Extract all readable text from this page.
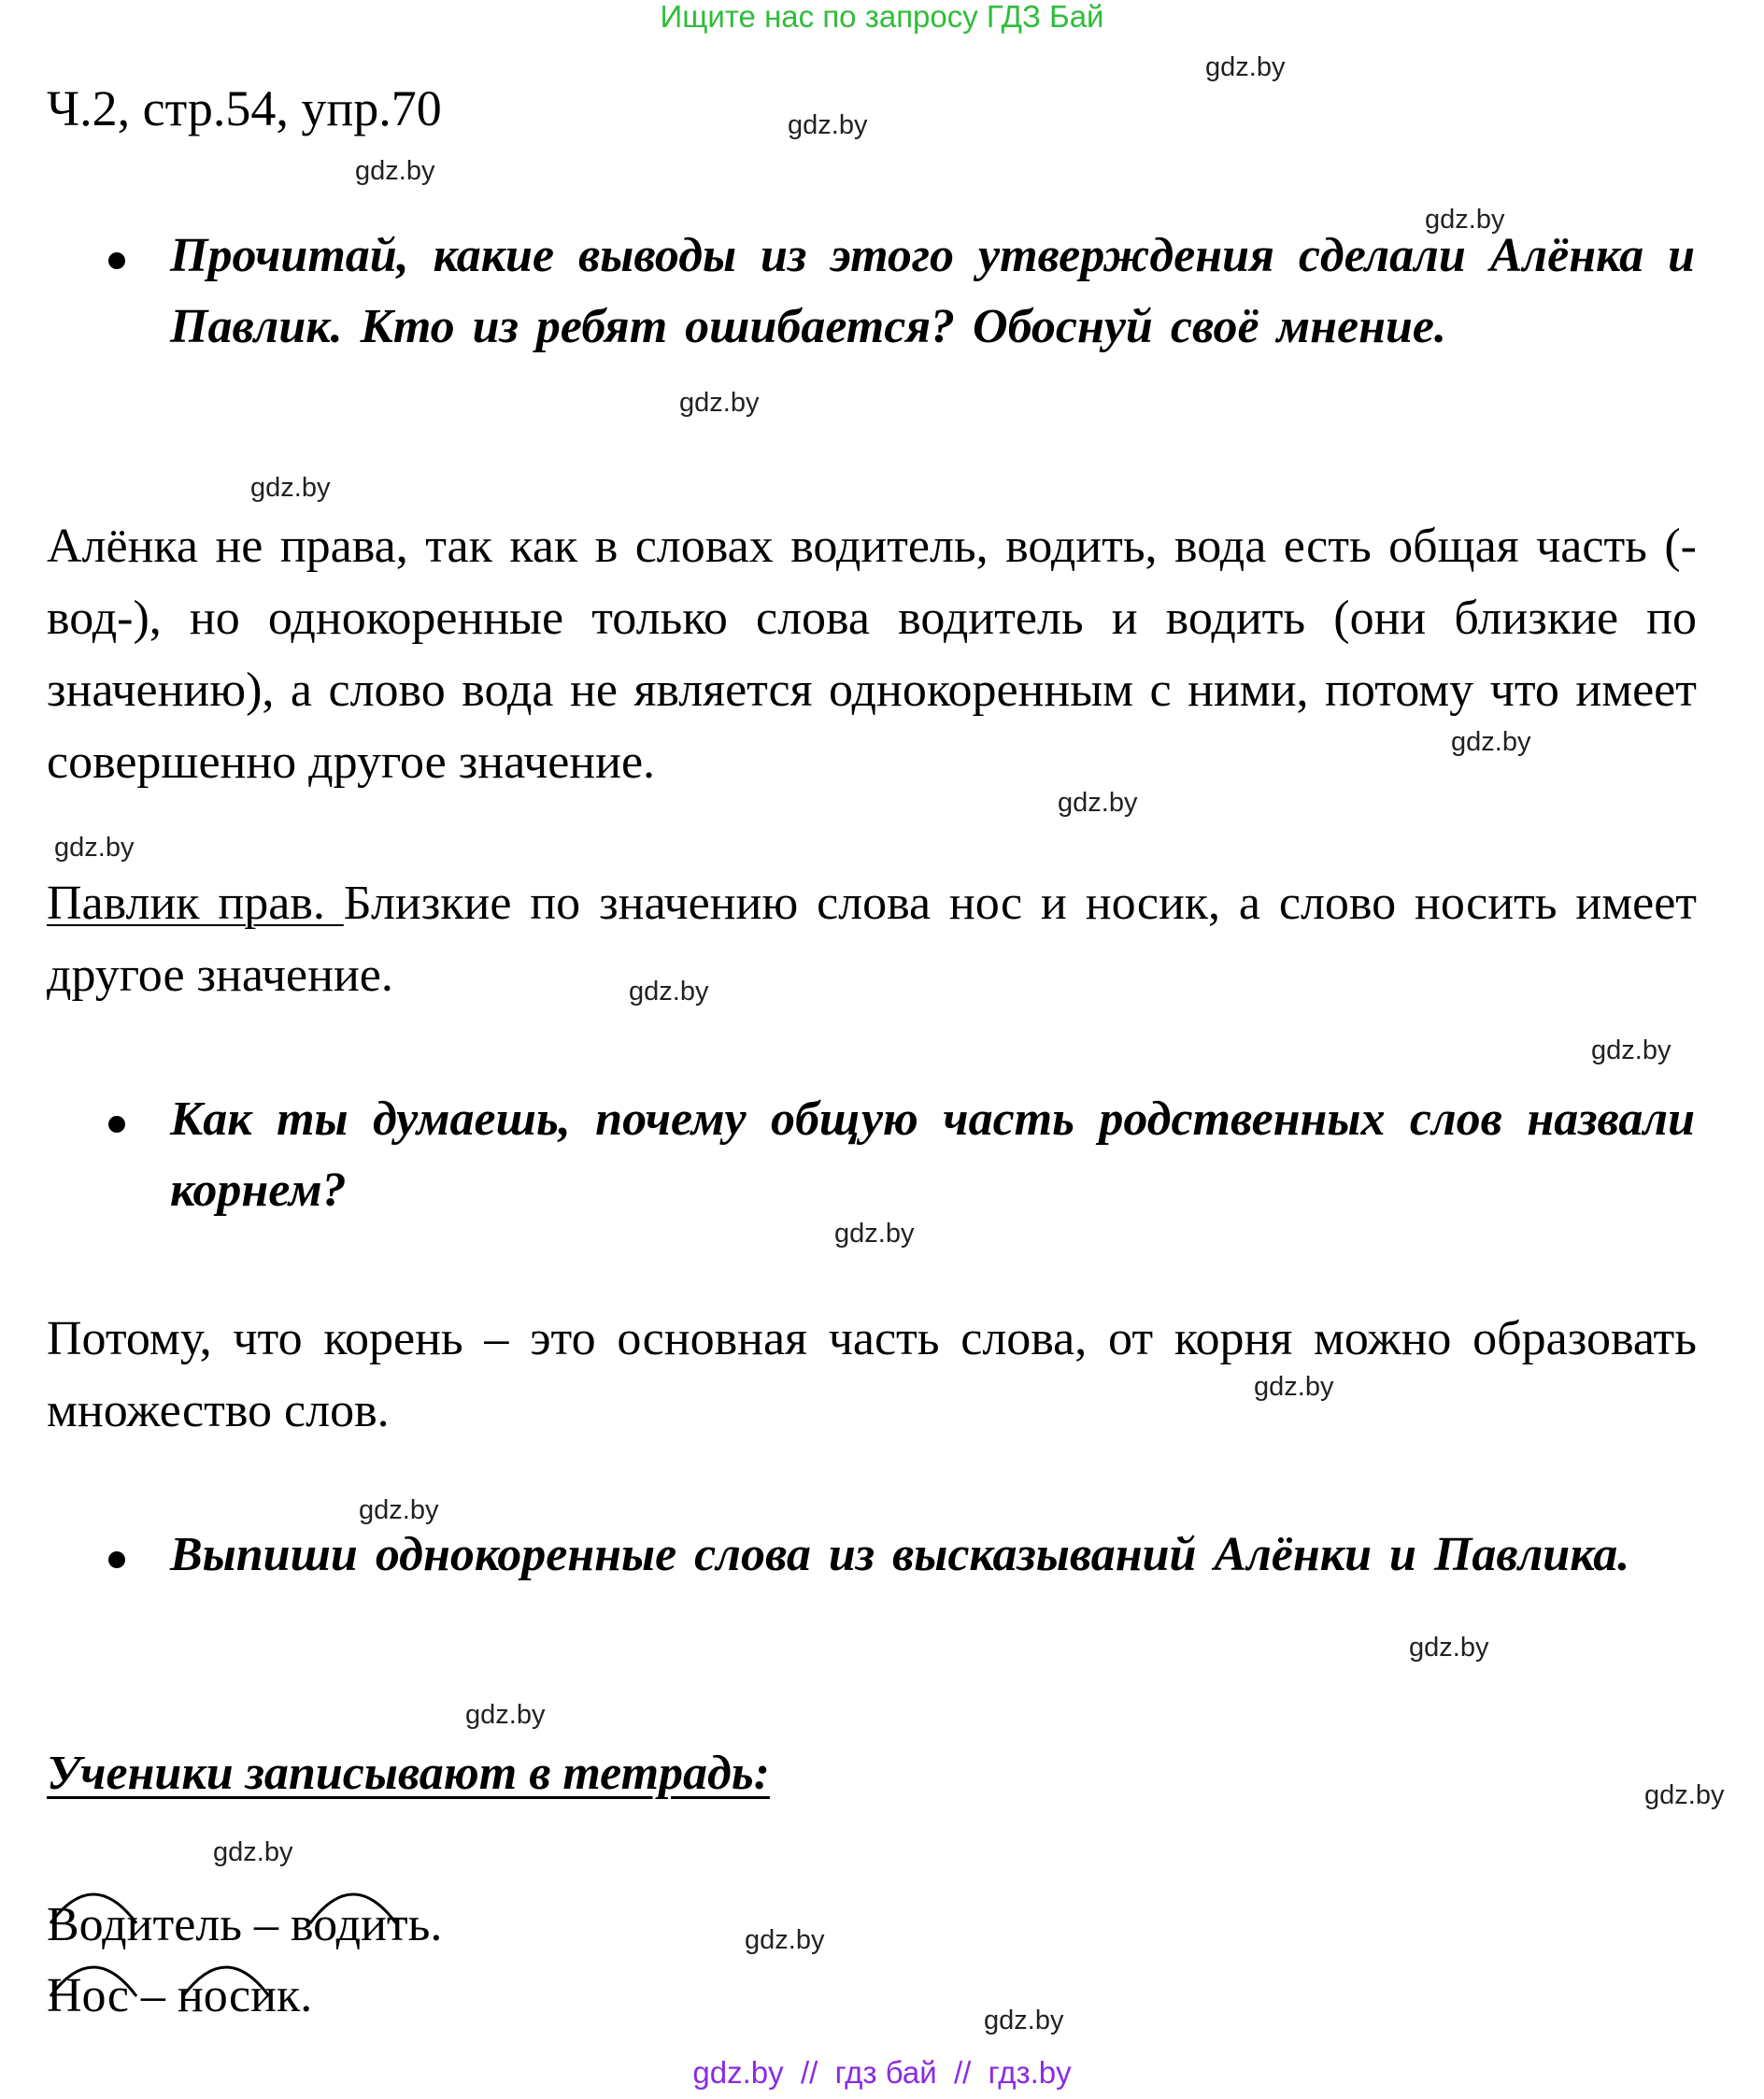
Ищите нас по запросу ГДЗ Бай
gdz.by
gdz.by
gdz.by
gdz.by
gdz.by
gdz.by
gdz.by
gdz.by
gdz.by
gdz.by
gdz.by
gdz.by
gdz.by
gdz.by
gdz.by
gdz.by
gdz.by
gdz.by
gdz.by
gdz.by
Ч.2, стр.54, упр.70
Прочитай, какие выводы из этого утверждения сделали Алёнка и Павлик. Кто из ребят ошибается? Обоснуй своё мнение.
Алёнка не права, так как в словах водитель, водить, вода есть общая часть (-вод-), но однокоренные только слова водитель и водить (они близкие по значению), а слово вода не является однокоренным с ними, потому что имеет совершенно другое значение.
Павлик прав. Близкие по значению слова нос и носик, а слово носить имеет другое значение.
Как ты думаешь, почему общую часть родственных слов назвали корнем?
Потому, что корень – это основная часть слова, от корня можно образовать множество слов.
Выпиши однокоренные слова из высказываний Алёнки и Павлика.
Ученики записывают в тетрадь:
Водитель – водить.
Нос – носик.
gdz.by  //  гдз бай  //  гдз.by
